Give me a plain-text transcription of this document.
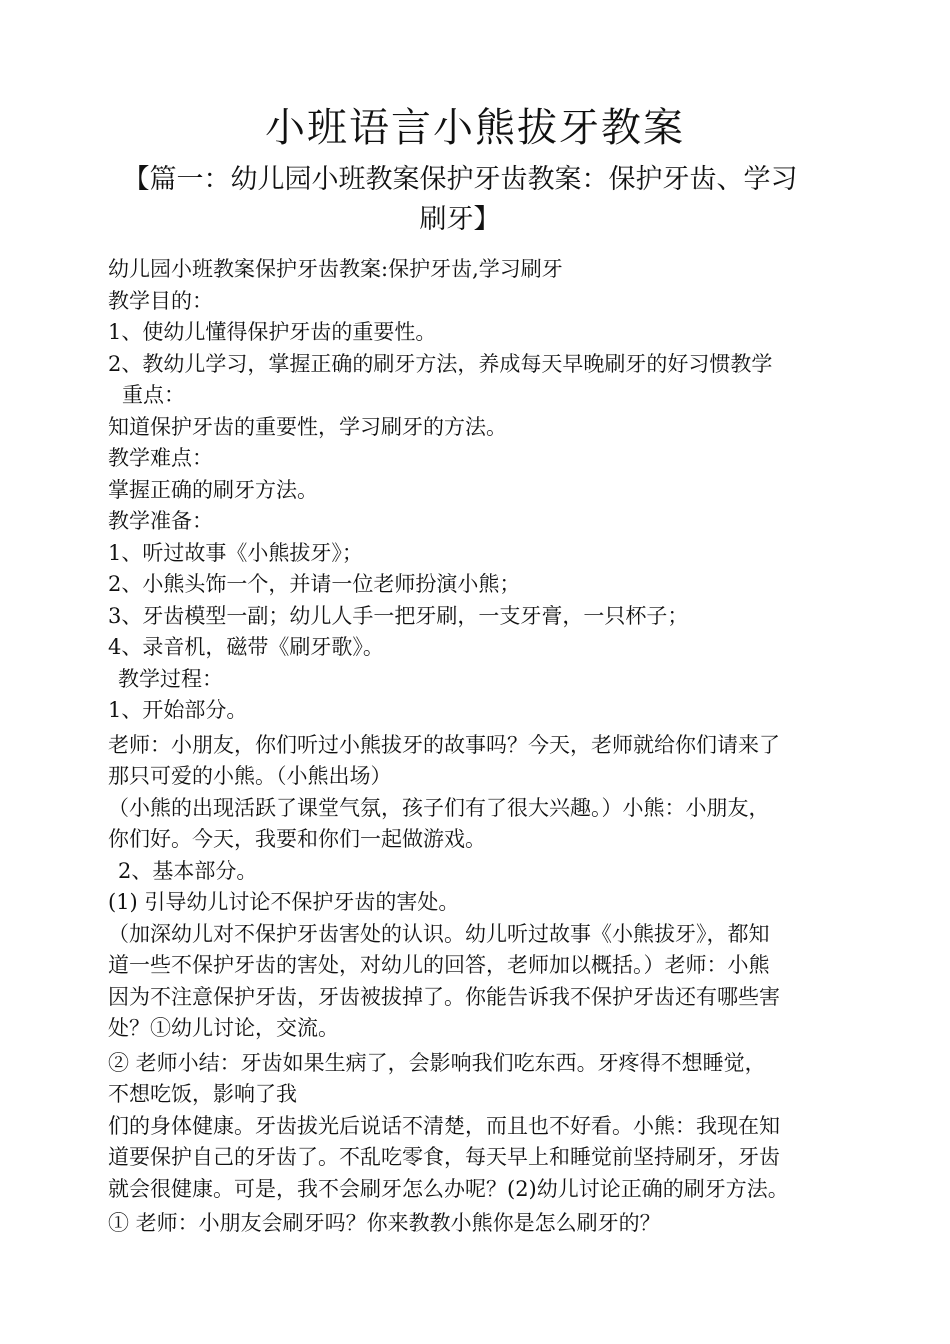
小班语言小熊拔牙教案
【篇一：幼儿园小班教案保护牙齿教案：保护牙齿、学习刷牙】

幼儿园小班教案保护牙齿教案:保护牙齿,学习刷牙

教学目的：

1、使幼儿懂得保护牙齿的重要性。

2、教幼儿学习，掌握正确的刷牙方法，养成每天早晚刷牙的好习惯教学

重点：

知道保护牙齿的重要性，学习刷牙的方法。

教学难点：

掌握正确的刷牙方法。

教学准备：

1、听过故事《小熊拔牙》；

2、小熊头饰一个，并请一位老师扮演小熊；

3、牙齿模型一副；幼儿人手一把牙刷，一支牙膏，一只杯子；

4、录音机，磁带《刷牙歌》。

教学过程：

1、开始部分。

老师：小朋友，你们听过小熊拔牙的故事吗？今天，老师就给你们请来了

那只可爱的小熊。（小熊出场）

（小熊的出现活跃了课堂气氛，孩子们有了很大兴趣。）小熊：小朋友，

你们好。今天，我要和你们一起做游戏。

2、基本部分。

(1) 引导幼儿讨论不保护牙齿的害处。

（加深幼儿对不保护牙齿害处的认识。幼儿听过故事《小熊拔牙》，都知

道一些不保护牙齿的害处，对幼儿的回答，老师加以概括。）老师：小熊

因为不注意保护牙齿，牙齿被拔掉了。你能告诉我不保护牙齿还有哪些害

处？①幼儿讨论，交流。

② 老师小结：牙齿如果生病了，会影响我们吃东西。牙疼得不想睡觉，

不想吃饭，影响了我

们的身体健康。牙齿拔光后说话不清楚，而且也不好看。小熊：我现在知

道要保护自己的牙齿了。不乱吃零食，每天早上和睡觉前坚持刷牙，牙齿

就会很健康。可是，我不会刷牙怎么办呢？(2)幼儿讨论正确的刷牙方法。

① 老师：小朋友会刷牙吗？你来教教小熊你是怎么刷牙的？
